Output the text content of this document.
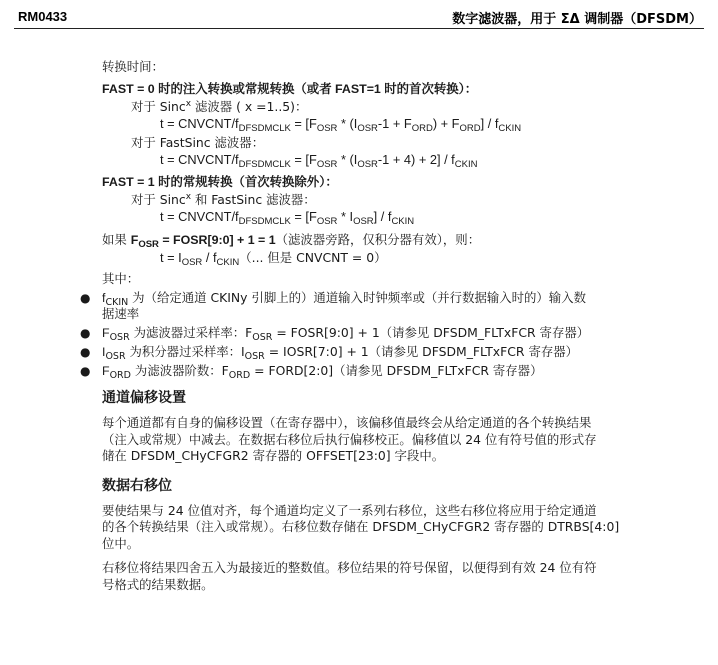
RM0433	数字滤波器，用于 ΣΔ 调制器（DFSDM）
转换时间：
FAST = 0 时的注入转换或常规转换（或者 FAST=1 时的首次转换）：
对于 Sinc$^x$ 滤波器 ( x =1..5)：
t = CNVCNT/$f_{DFSDMCLK} = [F_{OSR} * (I_{OSR}-1 + F_{ORD}) + F_{ORD}] / f_{CKIN}$
对于 FastSinc 滤波器：
t = CNVCNT/$f_{DFSDMCLK} = [F_{OSR} * (I_{OSR}-1 + 4) + 2] / f_{CKIN}$
FAST = 1 时的常规转换（首次转换除外）：
对于 Sinc$^x$ 和 FastSinc 滤波器：
t = CNVCNT/$f_{DFSDMCLK} = [F_{OSR} * I_{OSR}] / f_{CKIN}$
如果 $F_{OSR}$ = FOSR[9:0] + 1 = 1（滤波器旁路，仅积分器有效），则：
$t = I_{OSR} / f_{CKIN}$（... 但是 CNVCNT = 0）
其中：
● $f_{CKIN}$ 为（给定通道 CKINy 引脚上的）通道输入时钟频率或（并行数据输入时的）输入数
据速率
● $F_{OSR}$ 为滤波器过采样率：$F_{OSR}$ = FOSR[9:0] + 1（请参见 DFSDM_FLTxFCR 寄存器）
● $I_{OSR}$ 为积分器过采样率：$I_{OSR}$ = IOSR[7:0] + 1（请参见 DFSDM_FLTxFCR 寄存器）
● $F_{ORD}$ 为滤波器阶数：$F_{ORD}$ = FORD[2:0]（请参见 DFSDM_FLTxFCR 寄存器）
通道偏移设置
每个通道都有自身的偏移设置（在寄存器中），该偏移值最终会从给定通道的各个转换结果
（注入或常规）中减去。在数据右移位后执行偏移校正。偏移值以 24 位有符号值的形式存
储在 DFSDM_CHyCFGR2 寄存器的 OFFSET[23:0] 字段中。
数据右移位
要使结果与 24 位值对齐，每个通道均定义了一系列右移位，这些右移位将应用于给定通道
的各个转换结果（注入或常规）。右移位数存储在 DFSDM_CHyCFGR2 寄存器的 DTRBS[4:0]
位中。
右移位将结果四舍五入为最接近的整数值。移位结果的符号保留，以便得到有效 24 位有符
号格式的结果数据。
